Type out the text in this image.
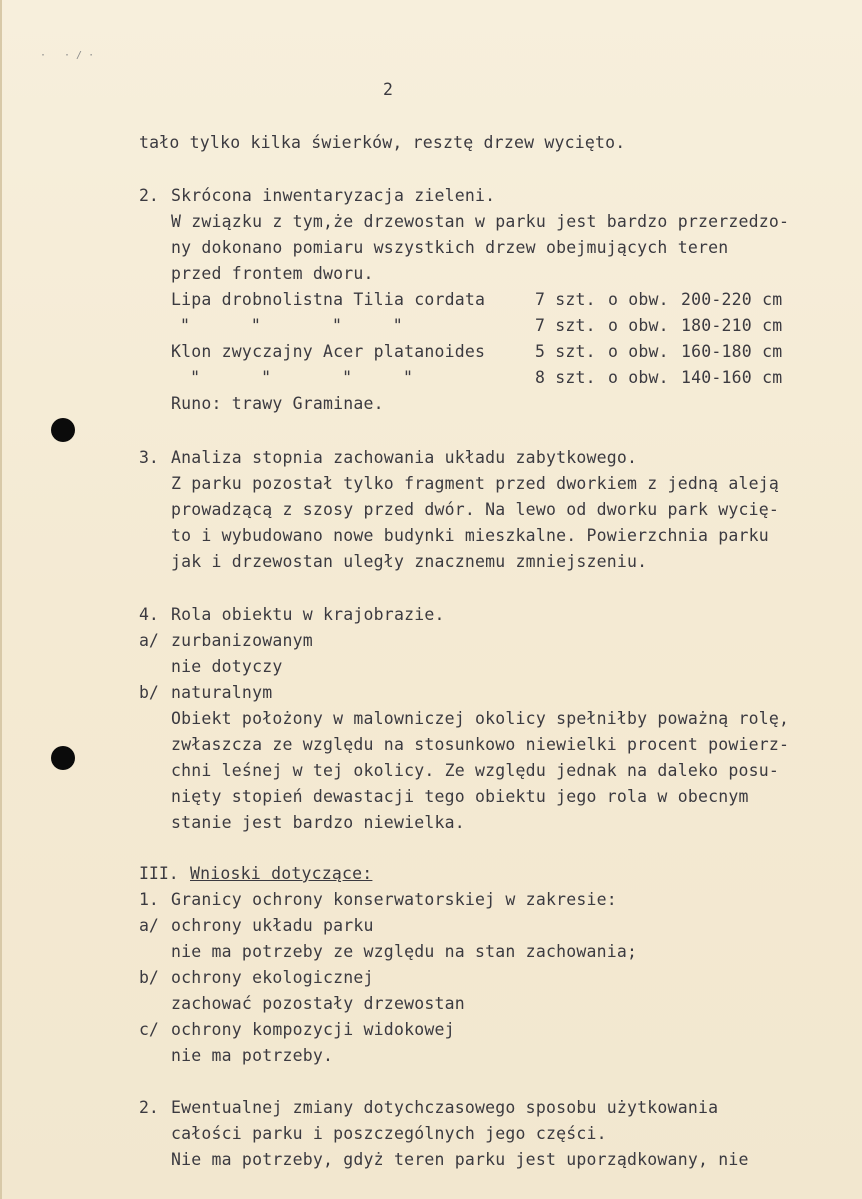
· ·/·
2
tało tylko kilka świerków, resztę drzew wycięto.
2. Skrócona inwentaryzacja zieleni.
W związku z tym,że drzewostan w parku jest bardzo przerzedzo-
ny dokonano pomiaru wszystkich drzew obejmujących teren
przed frontem dworu.
Lipa drobnolistna Tilia cordata	7 szt. o obw. 200-220 cm
"      "       "     "	7 szt. o obw. 180-210 cm
Klon zwyczajny Acer platanoides	5 szt. o obw. 160-180 cm
"      "       "     "	8 szt. o obw. 140-160 cm
Runo: trawy Graminae.
3. Analiza stopnia zachowania układu zabytkowego.
Z parku pozostał tylko fragment przed dworkiem z jedną aleją
prowadzącą z szosy przed dwór. Na lewo od dworku park wycię-
to i wybudowano nowe budynki mieszkalne. Powierzchnia parku
jak i drzewostan uległy znacznemu zmniejszeniu.
4. Rola obiektu w krajobrazie.
a/ zurbanizowanym
nie dotyczy
b/ naturalnym
Obiekt położony w malowniczej okolicy spełniłby poważną rolę,
zwłaszcza ze względu na stosunkowo niewielki procent powierz-
chni leśnej w tej okolicy. Ze względu jednak na daleko posu-
nięty stopień dewastacji tego obiektu jego rola w obecnym
stanie jest bardzo niewielka.
III. Wnioski dotyczące:
1. Granicy ochrony konserwatorskiej w zakresie:
a/ ochrony układu parku
nie ma potrzeby ze względu na stan zachowania;
b/ ochrony ekologicznej
zachować pozostały drzewostan
c/ ochrony kompozycji widokowej
nie ma potrzeby.
2. Ewentualnej zmiany dotychczasowego sposobu użytkowania
całości parku i poszczególnych jego części.
Nie ma potrzeby, gdyż teren parku jest uporządkowany, nie
